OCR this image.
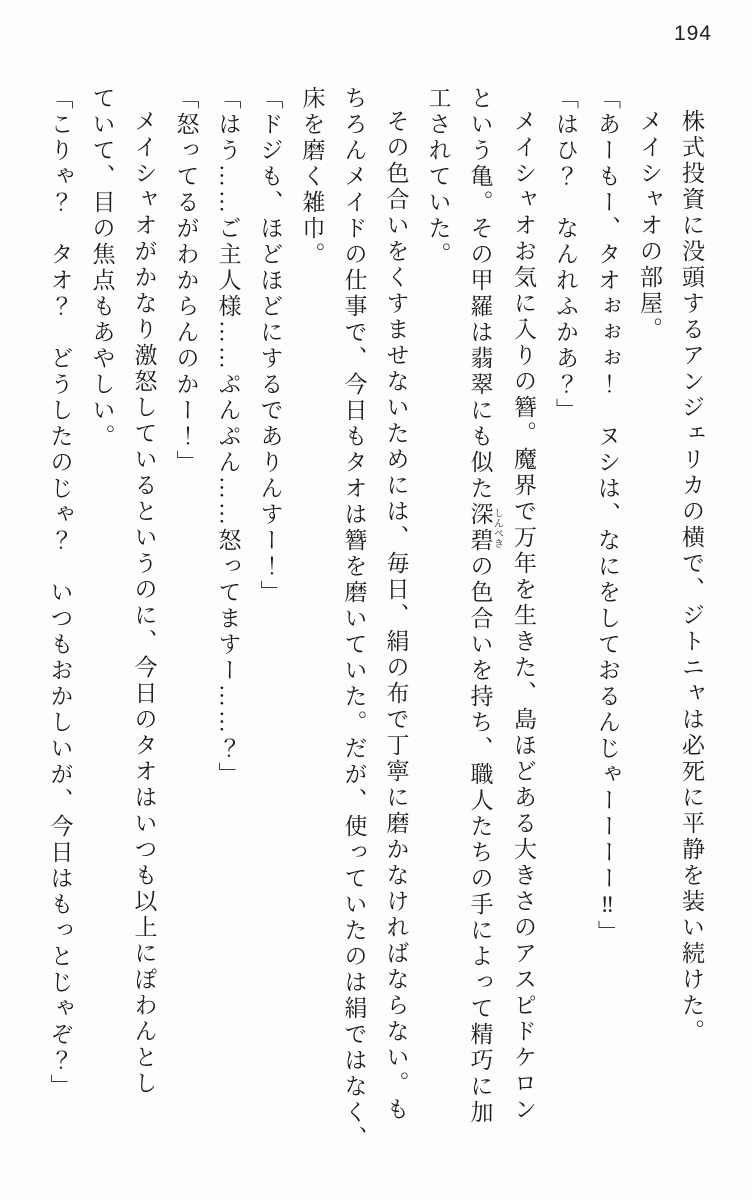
194

株式投資に没頭するアンジェリカの横で、ジトニャは必死に平静を装い続けた。

メイシャオの部屋。

「あーもー、タオぉぉぉ！　ヌシは、なにをしておるんじゃーーーー‼」

「はひ？　なんれふかあ？」

メイシャオお気に入りの簪。魔界で万年を生きた、島ほどある大きさのアスピドケロン

という亀。その甲羅は翡翠にも似た深碧 しんぺきの色合いを持ち、職人たちの手によって精巧に加

工されていた。

その色合いをくすませないためには、毎日、絹の布で丁寧に磨かなければならない。も

ちろんメイドの仕事で、今日もタオは簪を磨いていた。だが、使っていたのは絹ではなく、

床を磨く雑巾。

「ドジも、ほどほどにするでありんすー！」

「はう……ご主人様……ぷんぷん……怒ってますー……？」

「怒ってるがわからんのかー！」

メイシャオがかなり激怒しているというのに、今日のタオはいつも以上にぽわんとし

ていて、目の焦点もあやしい。

「こりゃ？　タオ？　どうしたのじゃ？　いつもおかしいが、今日はもっとじゃぞ？」
